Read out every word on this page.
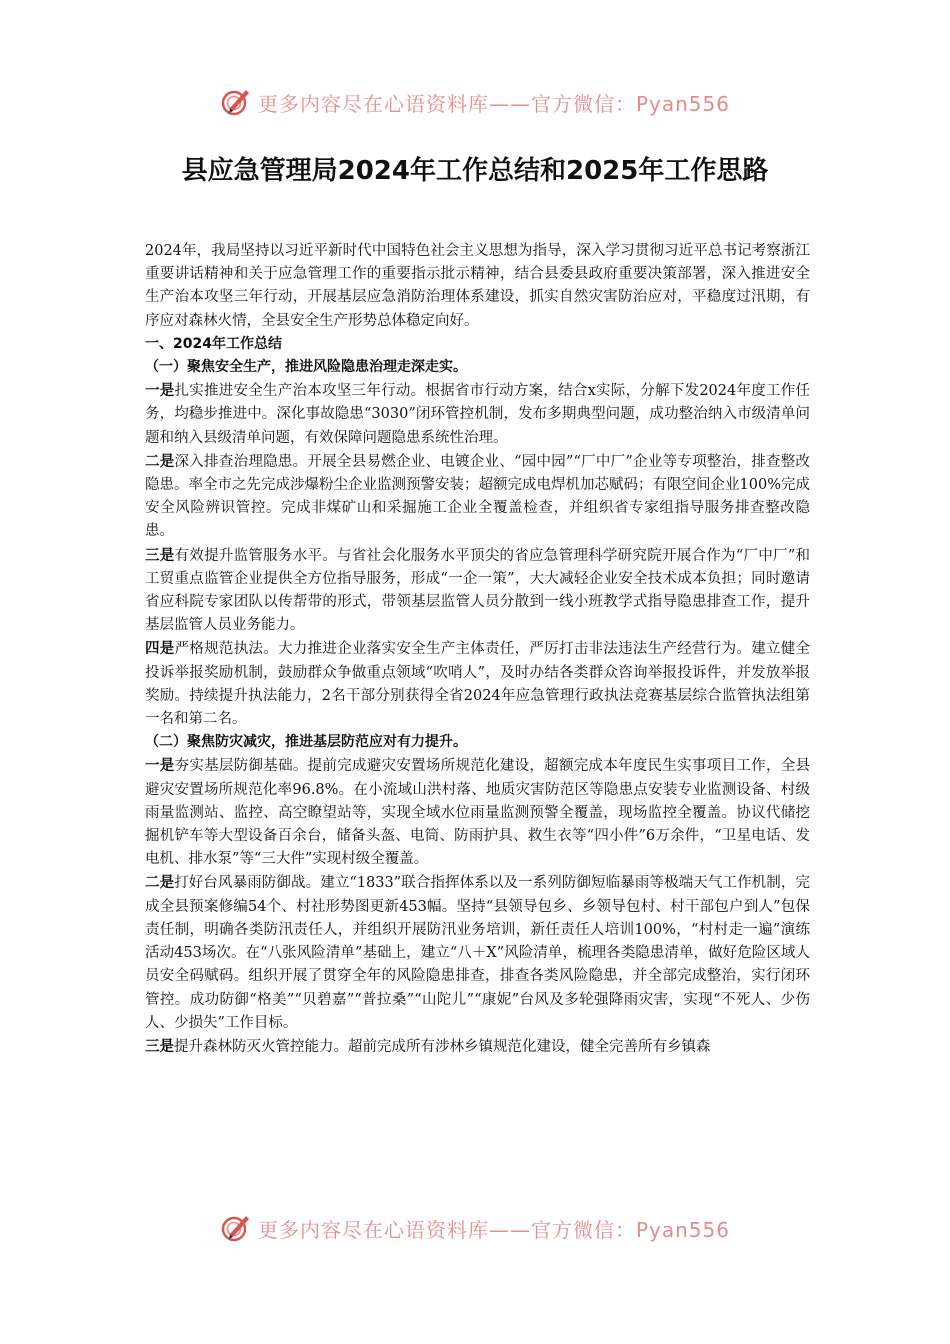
更多内容尽在心语资料库——官方微信：Pyan556
县应急管理局2024年工作总结和2025年工作思路

2024年，我局坚持以习近平新时代中国特色社会主义思想为指导，深入学习贯彻习近平总书记考察浙江重要讲话精神和关于应急管理工作的重要指示批示精神，结合县委县政府重要决策部署，深入推进安全生产治本攻坚三年行动，开展基层应急消防治理体系建设，抓实自然灾害防治应对，平稳度过汛期，有序应对森林火情，全县安全生产形势总体稳定向好。

一、2024年工作总结

（一）聚焦安全生产，推进风险隐患治理走深走实。

一是扎实推进安全生产治本攻坚三年行动。根据省市行动方案，结合x实际，分解下发2024年度工作任务，均稳步推进中。深化事故隐患“3030”闭环管控机制，发布多期典型问题，成功整治纳入市级清单问题和纳入县级清单问题，有效保障问题隐患系统性治理。

二是深入排查治理隐患。开展全县易燃企业、电镀企业、“园中园”“厂中厂”企业等专项整治，排查整改隐患。率全市之先完成涉爆粉尘企业监测预警安装；超额完成电焊机加芯赋码；有限空间企业100%完成安全风险辨识管控。完成非煤矿山和采掘施工企业全覆盖检查，并组织省专家组指导服务排查整改隐患。

三是有效提升监管服务水平。与省社会化服务水平顶尖的省应急管理科学研究院开展合作为“厂中厂”和工贸重点监管企业提供全方位指导服务，形成“一企一策”，大大减轻企业安全技术成本负担；同时邀请省应科院专家团队以传帮带的形式，带领基层监管人员分散到一线小班教学式指导隐患排查工作，提升基层监管人员业务能力。

四是严格规范执法。大力推进企业落实安全生产主体责任，严厉打击非法违法生产经营行为。建立健全投诉举报奖励机制，鼓励群众争做重点领域“吹哨人”，及时办结各类群众咨询举报投诉件，并发放举报奖励。持续提升执法能力，2名干部分别获得全省2024年应急管理行政执法竞赛基层综合监管执法组第一名和第二名。

（二）聚焦防灾减灾，推进基层防范应对有力提升。

一是夯实基层防御基础。提前完成避灾安置场所规范化建设，超额完成本年度民生实事项目工作，全县避灾安置场所规范化率96.8%。在小流域山洪村落、地质灾害防范区等隐患点安装专业监测设备、村级雨量监测站、监控、高空瞭望站等，实现全域水位雨量监测预警全覆盖，现场监控全覆盖。协议代储挖掘机铲车等大型设备百余台，储备头盔、电筒、防雨护具、救生衣等“四小件”6万余件，“卫星电话、发电机、排水泵”等“三大件”实现村级全覆盖。

二是打好台风暴雨防御战。建立“1833”联合指挥体系以及一系列防御短临暴雨等极端天气工作机制，完成全县预案修编54个、村社形势图更新453幅。坚持“县领导包乡、乡领导包村、村干部包户到人”包保责任制，明确各类防汛责任人，并组织开展防汛业务培训，新任责任人培训100%，“村村走一遍”演练活动453场次。在“八张风险清单”基础上，建立“八＋X”风险清单，梳理各类隐患清单，做好危险区域人员安全码赋码。组织开展了贯穿全年的风险隐患排查，排查各类风险隐患，并全部完成整治，实行闭环管控。成功防御“格美”“贝碧嘉”“普拉桑”“山陀儿”“康妮”台风及多轮强降雨灾害，实现“不死人、少伤人、少损失”工作目标。

三是提升森林防灭火管控能力。超前完成所有涉林乡镇规范化建设，健全完善所有乡镇森

更多内容尽在心语资料库——官方微信：Pyan556
